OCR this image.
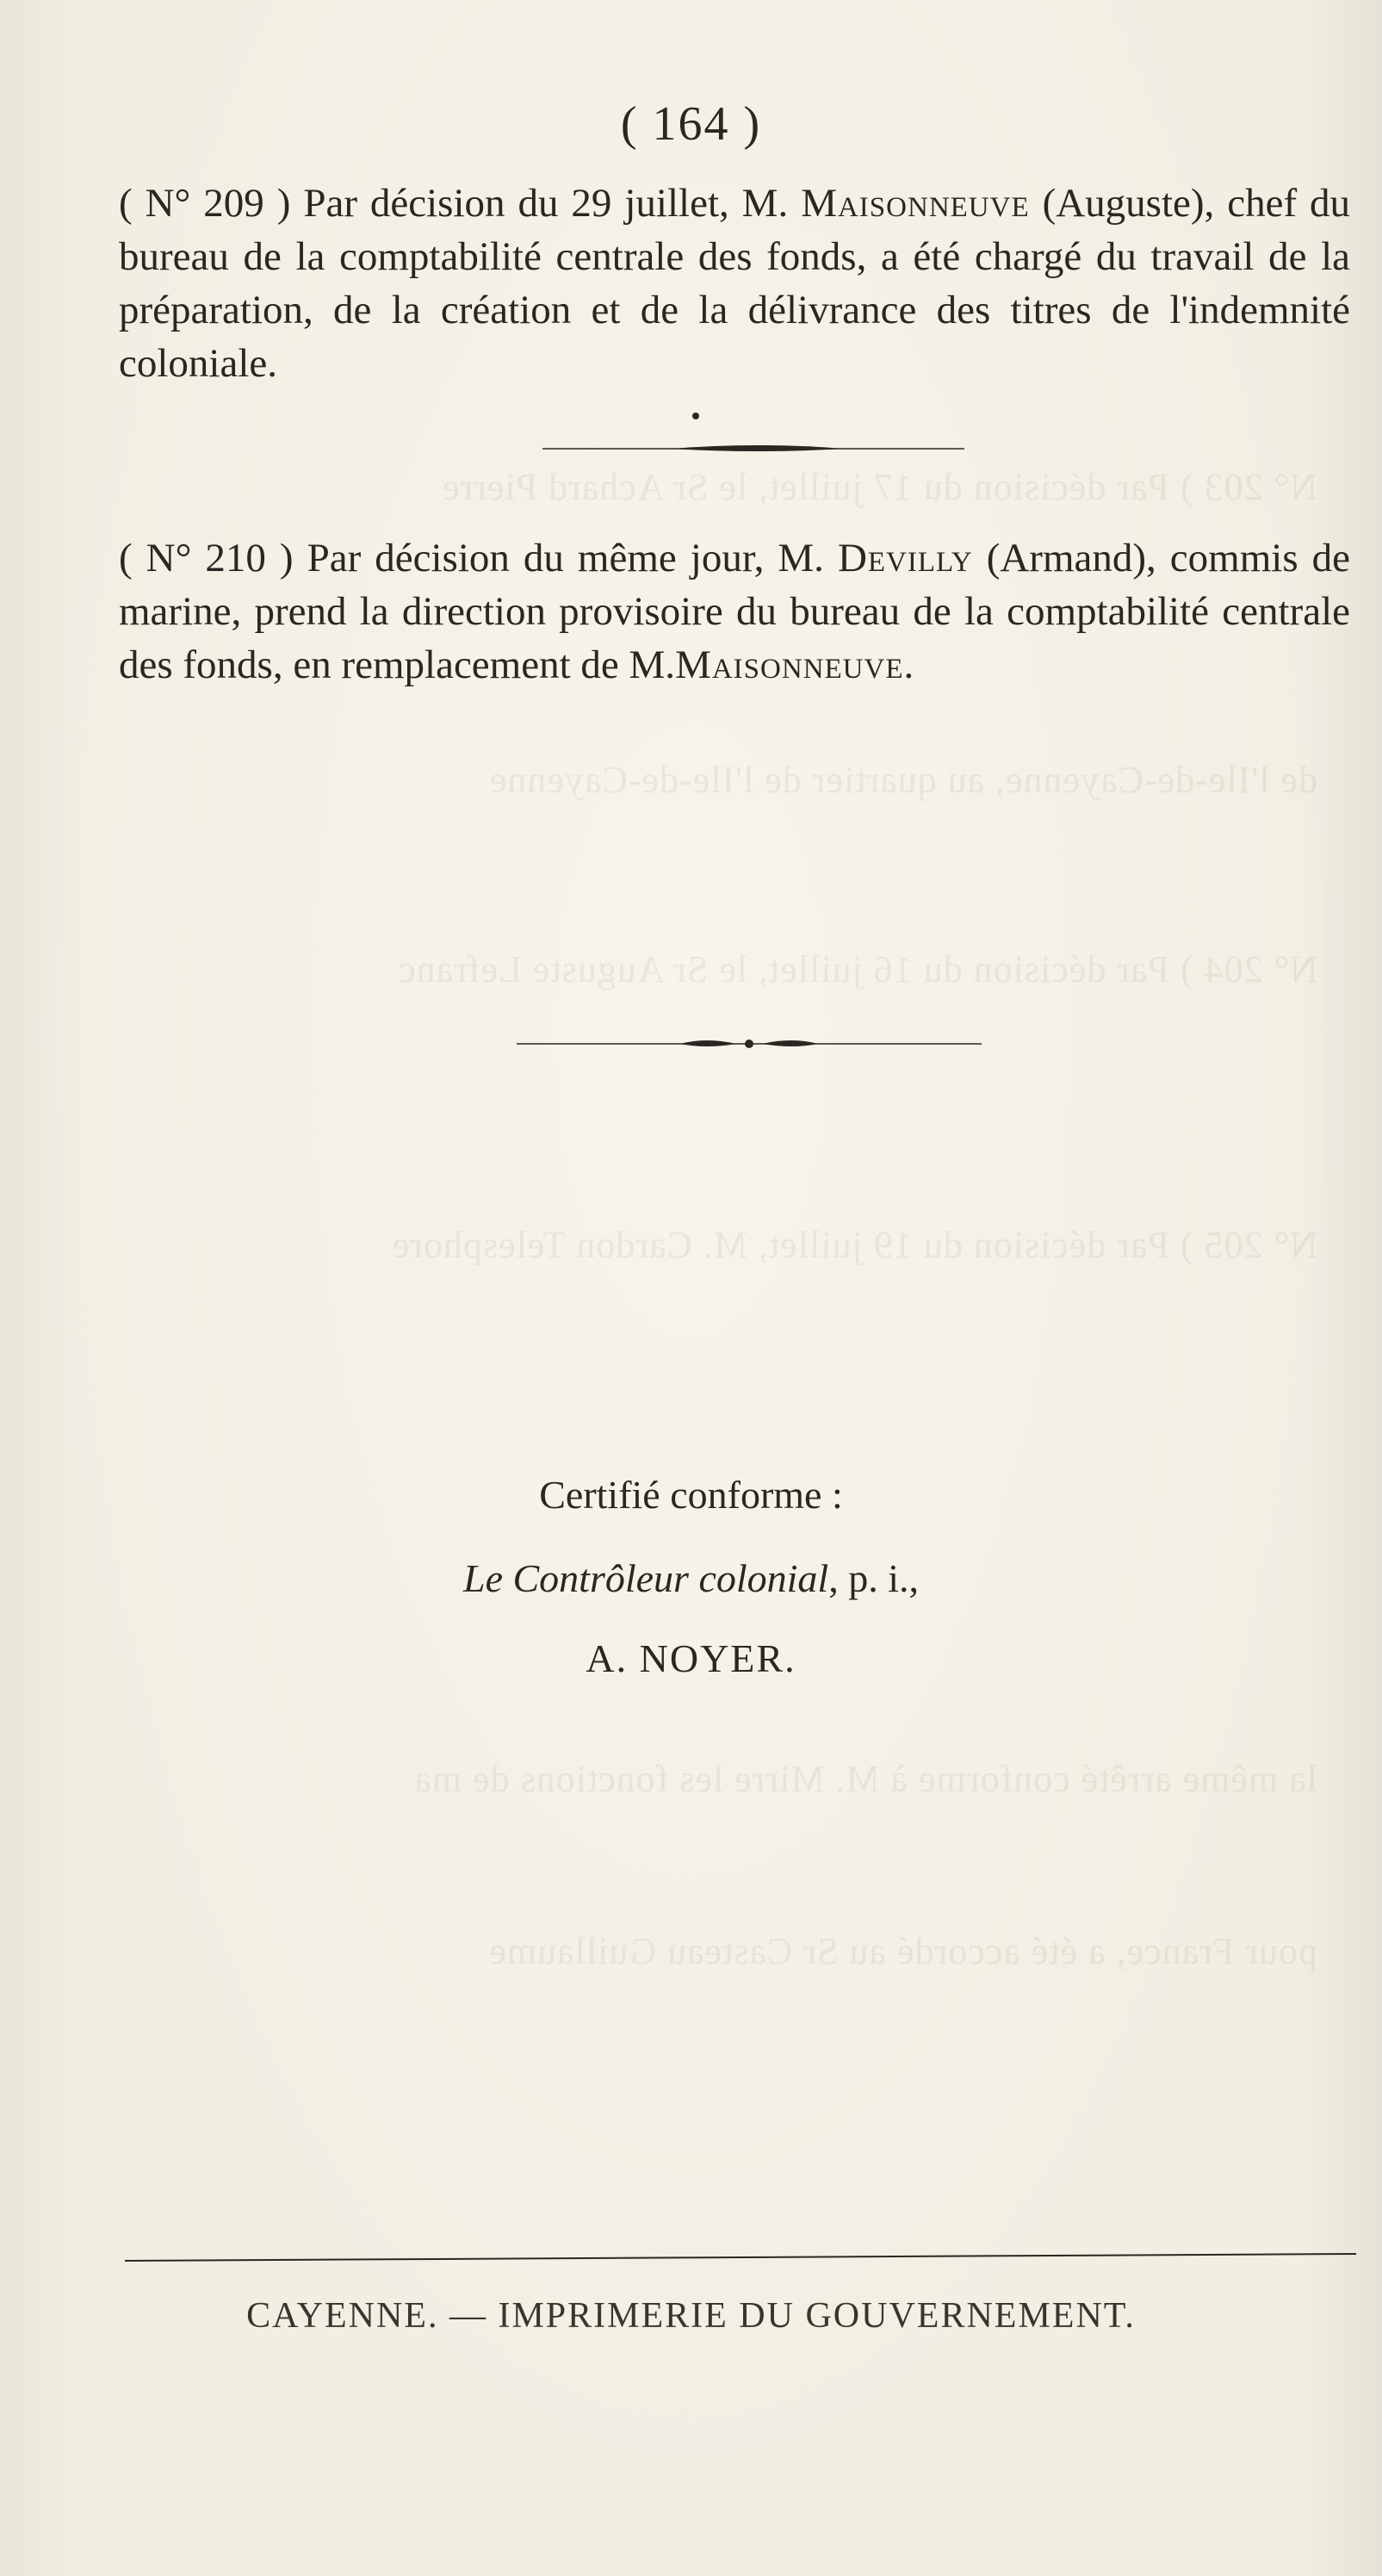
N° 203 ) Par décision du 17 juillet, le Sr Achard Pierre
de l'Ile-de-Cayenne, au quartier de l'Ile-de-Cayenne
N° 204 ) Par décision du 16 juillet, le Sr Auguste Lefranc
N° 205 ) Par décision du 19 juillet, M. Cardon Telesphore
la même arrêté conforme à M. Mirre les fonctions de ma
pour France, a été accordé au Sr Casteau Guillaume
( 164 )

( N° 209 ) Par décision du 29 juillet, M. Maisonneuve (Auguste), chef du bureau de la comptabilité centrale des fonds, a été chargé du travail de la préparation, de la création et de la délivrance des titres de l'indemnité coloniale.

( N° 210 ) Par décision du même jour, M. Devilly (Armand), commis de marine, prend la direction provisoire du bureau de la comptabilité centrale des fonds, en remplacement de M.Maisonneuve.

Certifié conforme :
Le Contrôleur colonial, p. i.,
A. NOYER.
CAYENNE. — IMPRIMERIE DU GOUVERNEMENT.
